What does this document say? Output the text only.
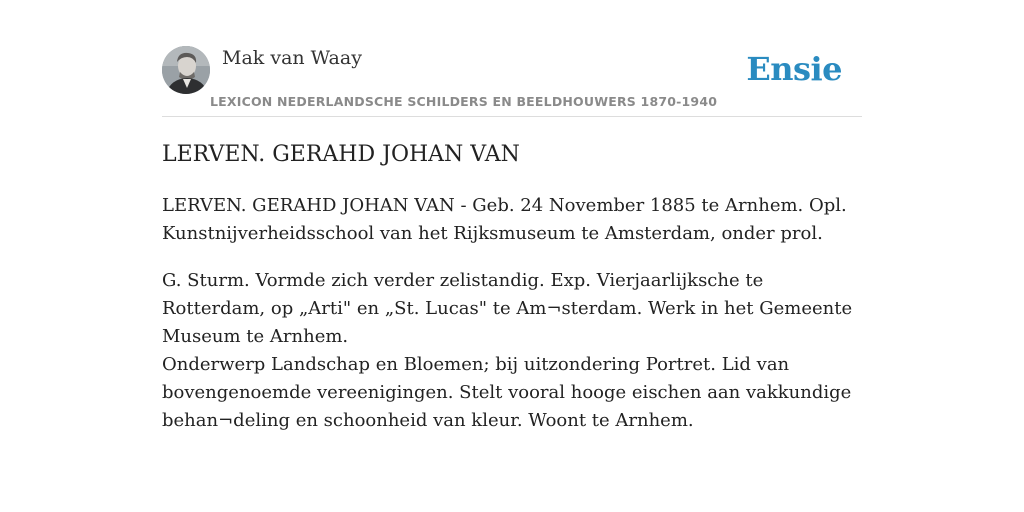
Mak van Waay
LEXICON NEDERLANDSCHE SCHILDERS EN BEELDHOUWERS 1870-1940
Ensie
LERVEN. GERAHD JOHAN VAN

LERVEN. GERAHD JOHAN VAN - Geb. 24 November 1885 te Arnhem. Opl. Kunstnijverheidsschool van het Rijksmuseum te Amsterdam, onder prol.

G. Sturm. Vormde zich verder zelistandig. Exp. Vierjaarlijksche te Rotterdam, op „Arti" en „St. Lucas" te Am¬sterdam. Werk in het Gemeente Museum te Arnhem.

Onderwerp Landschap en Bloemen; bij uitzondering Portret. Lid van bovengenoemde vereenigingen. Stelt vooral hooge eischen aan vakkundige behan¬deling en schoonheid van kleur. Woont te Arnhem.
